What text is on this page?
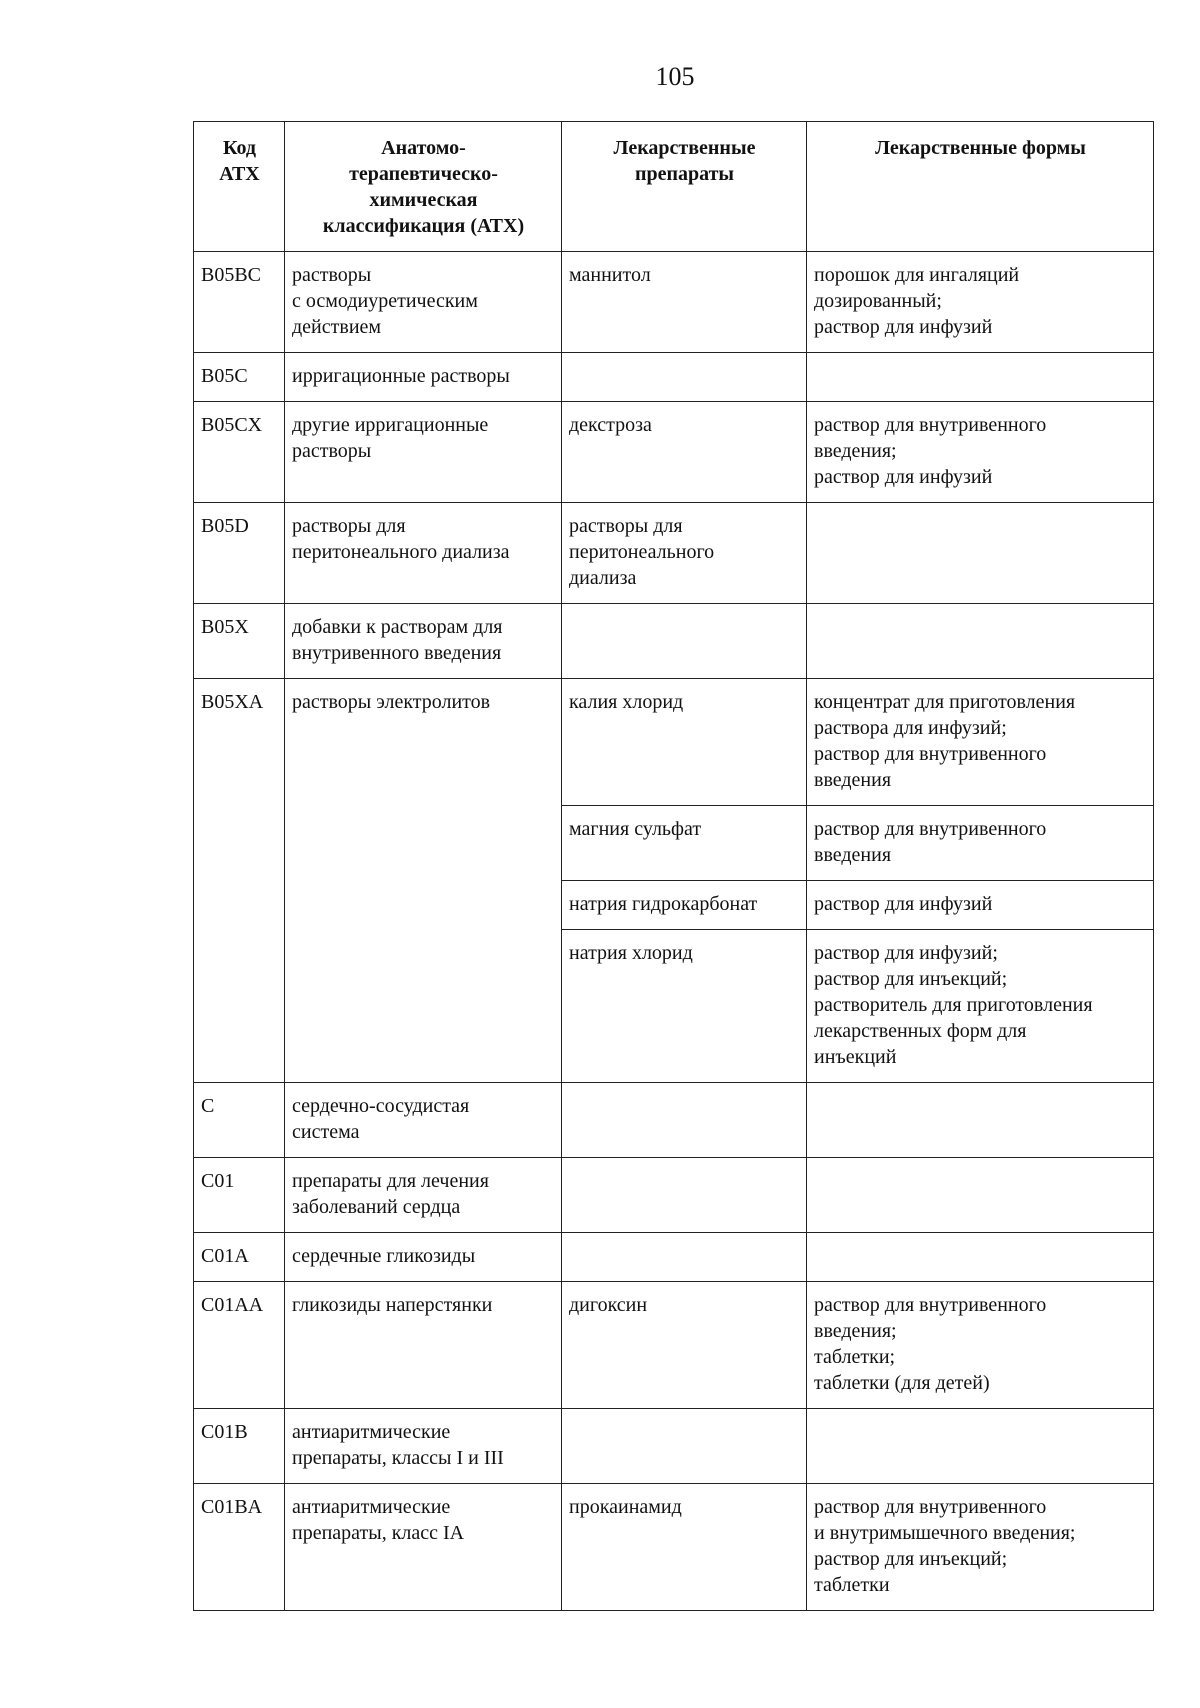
105
Код
АТХ	Анатомо-
терапевтическо-
химическая
классификация (АТХ)	Лекарственные
препараты	Лекарственные формы

B05BC	растворы
с осмодиуретическим
действием	маннитол	порошок для ингаляций
дозированный;
раствор для инфузий

B05C	ирригационные растворы		

B05CX	другие ирригационные
растворы	декстроза	раствор для внутривенного
введения;
раствор для инфузий

B05D	растворы для
перитонеального диализа	растворы для
перитонеального
диализа	

B05X	добавки к растворам для
внутривенного введения		

B05XA	растворы электролитов	калия хлорид	концентрат для приготовления
раствора для инфузий;
раствор для внутривенного
введения

		магния сульфат	раствор для внутривенного
введения

		натрия гидрокарбонат	раствор для инфузий

		натрия хлорид	раствор для инфузий;
раствор для инъекций;
растворитель для приготовления
лекарственных форм для
инъекций

C	сердечно-сосудистая
система		

C01	препараты для лечения
заболеваний сердца		

C01A	сердечные гликозиды		

C01AA	гликозиды наперстянки	дигоксин	раствор для внутривенного
введения;
таблетки;
таблетки (для детей)

C01B	антиаритмические
препараты, классы I и III		

C01BA	антиаритмические
препараты, класс IA	прокаинамид	раствор для внутривенного
и внутримышечного введения;
раствор для инъекций;
таблетки
